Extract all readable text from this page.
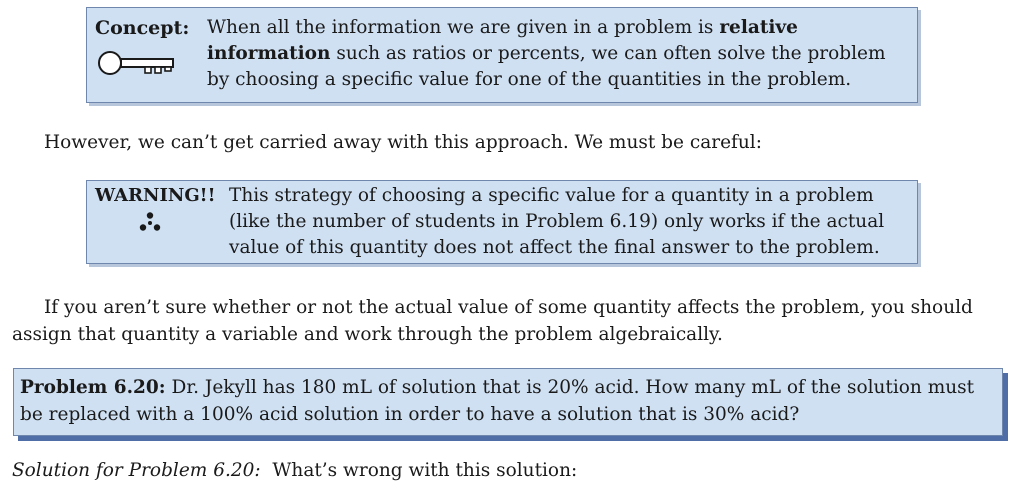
Concept: When all the information we are given in a problem is relative information such as ratios or percents, we can often solve the problem by choosing a specific value for one of the quantities in the problem.
However, we can’t get carried away with this approach. We must be careful:
WARNING!! This strategy of choosing a specific value for a quantity in a problem (like the number of students in Problem 6.19) only works if the actual value of this quantity does not affect the final answer to the problem.
If you aren’t sure whether or not the actual value of some quantity affects the problem, you should assign that quantity a variable and work through the problem algebraically.
Problem 6.20: Dr. Jekyll has 180 mL of solution that is 20% acid. How many mL of the solution must be replaced with a 100% acid solution in order to have a solution that is 30% acid?
Solution for Problem 6.20:  What’s wrong with this solution:
